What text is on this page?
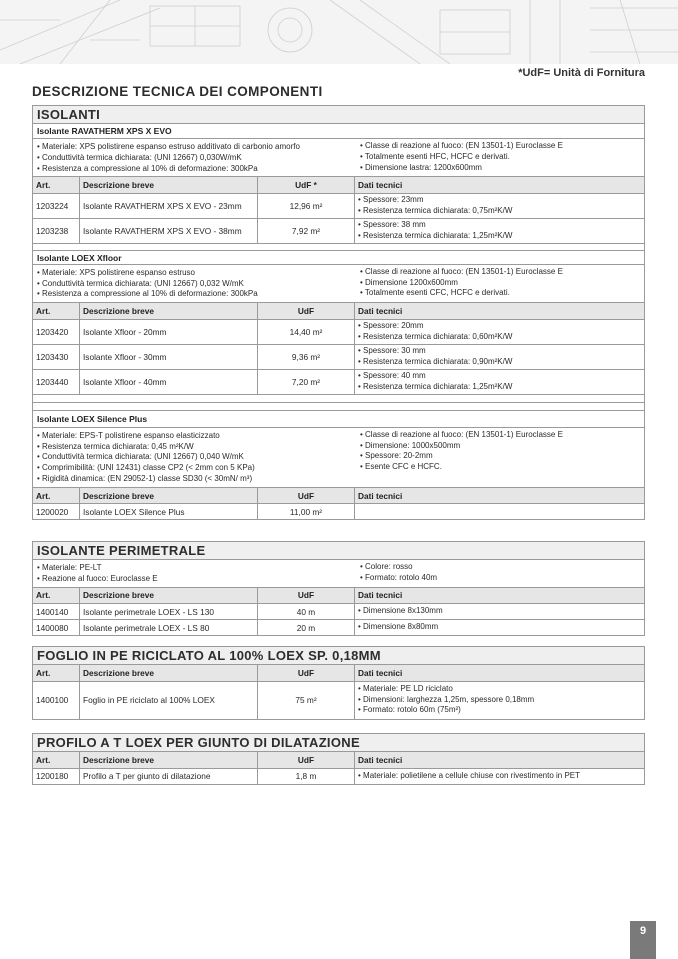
*UdF= Unità di Fornitura
DESCRIZIONE TECNICA DEI COMPONENTI
ISOLANTI
Isolante RAVATHERM XPS X EVO
• Materiale: XPS polistirene espanso estruso additivato di carbonio amorfo
• Conduttività termica dichiarata: (UNI 12667) 0,030W/mK
• Resistenza a compressione al 10% di deformazione: 300kPa
• Classe di reazione al fuoco: (EN 13501-1) Euroclasse E
• Totalmente esenti HFC, HCFC e derivati.
• Dimensione lastra: 1200x600mm
Art.	Descrizione breve	UdF *	Dati tecnici
1203224	Isolante RAVATHERM XPS X EVO - 23mm	12,96 m²	• Spessore: 23mm
• Resistenza termica dichiarata: 0,75m²K/W

1203238	Isolante RAVATHERM XPS X EVO - 38mm	7,92 m²	• Spessore: 38 mm
• Resistenza termica dichiarata: 1,25m²K/W
Isolante LOEX Xfloor
• Materiale: XPS polistirene espanso estruso
• Conduttività termica dichiarata: (UNI 12667) 0,032 W/mK
• Resistenza a compressione al 10% di deformazione: 300kPa
• Classe di reazione al fuoco: (EN 13501-1) Euroclasse E
• Dimensione 1200x600mm
• Totalmente esenti CFC, HCFC e derivati.
Art.	Descrizione breve	UdF	Dati tecnici
1203420	Isolante Xfloor - 20mm	14,40 m²	• Spessore: 20mm
• Resistenza termica dichiarata: 0,60m²K/W

1203430	Isolante Xfloor - 30mm	9,36 m²	• Spessore: 30 mm
• Resistenza termica dichiarata: 0,90m²K/W

1203440	Isolante Xfloor - 40mm	7,20 m²	• Spessore: 40 mm
• Resistenza termica dichiarata: 1,25m²K/W
Isolante LOEX Silence Plus
• Materiale: EPS-T polistirene espanso elasticizzato
• Resistenza termica dichiarata: 0,45 m²K/W
• Conduttività termica dichiarata: (UNI 12667) 0,040 W/mK
• Comprimibilità: (UNI 12431) classe CP2 (< 2mm con 5 KPa)
• Rigidità dinamica: (EN 29052-1) classe SD30 (< 30mN/ m³)
• Classe di reazione al fuoco: (EN 13501-1) Euroclasse E
• Dimensione: 1000x500mm
• Spessore: 20-2mm
• Esente CFC e HCFC.
Art.	Descrizione breve	UdF	Dati tecnici
1200020	Isolante LOEX Silence Plus	11,00 m²	
ISOLANTE PERIMETRALE
• Materiale: PE-LT
• Reazione al fuoco: Euroclasse E
• Colore: rosso
• Formato: rotolo 40m
Art.	Descrizione breve	UdF	Dati tecnici
1400140	Isolante perimetrale LOEX - LS 130	40 m	• Dimensione 8x130mm

1400080	Isolante perimetrale LOEX - LS 80	20 m	• Dimensione 8x80mm
FOGLIO IN PE RICICLATO AL 100% LOEX SP. 0,18MM
Art.	Descrizione breve	UdF	Dati tecnici
1400100	Foglio in PE riciclato al 100% LOEX	75 m²	• Materiale: PE LD riciclato
• Dimensioni: larghezza 1,25m, spessore 0,18mm
• Formato: rotolo 60m (75m²)
PROFILO A T LOEX PER GIUNTO DI DILATAZIONE
Art.	Descrizione breve	UdF	Dati tecnici
1200180	Profilo a T per giunto di dilatazione	1,8 m	• Materiale: polietilene a cellule chiuse con rivestimento in PET
9
